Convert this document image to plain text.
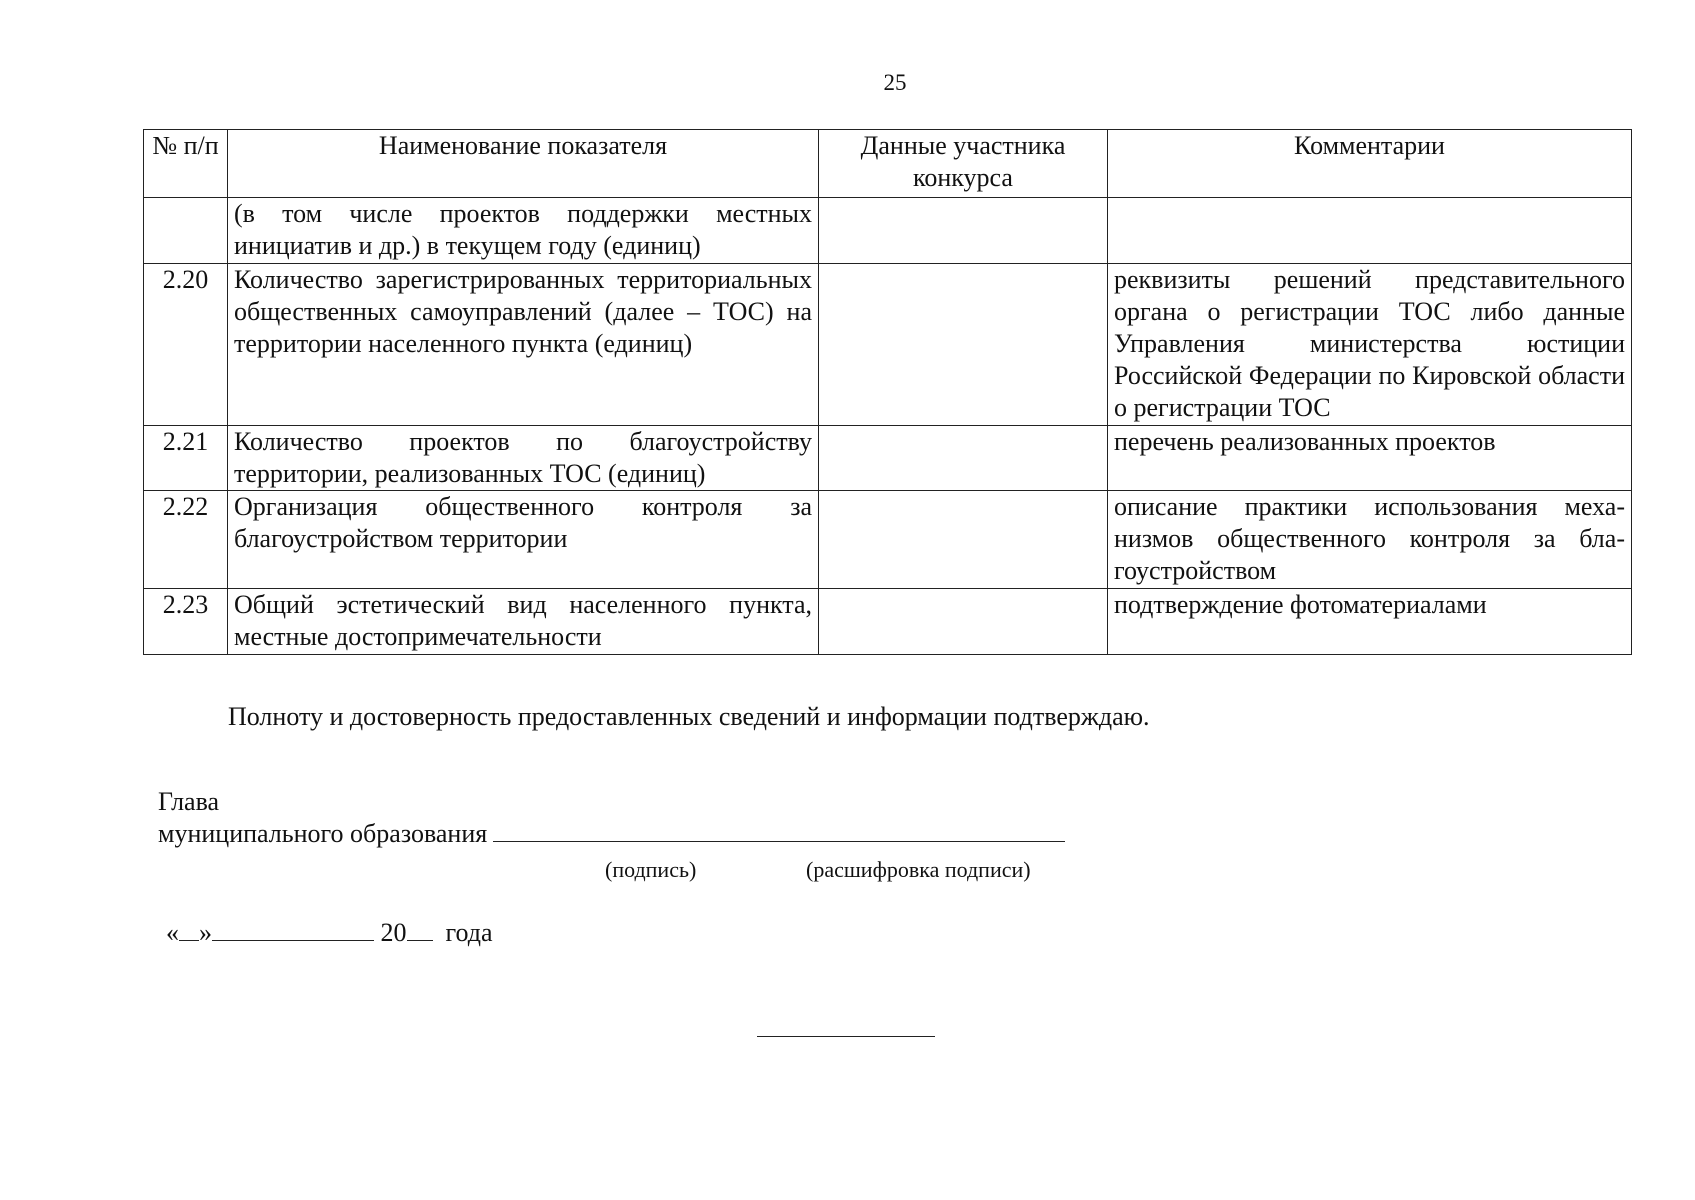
25
№ п/п	Наименование показателя	Данные участника конкурса	Комментарии
	(в том числе проектов поддержки местных инициатив и др.) в текущем году (единиц)		
2.20	Количество зарегистрированных территориальных общественных самоуправлений (далее – ТОС) на территории населенного пункта (единиц)		реквизиты решений представительного органа о регистрации ТОС либо данные Управления министерства юстиции Российской Федерации по Кировской области о регистрации ТОС
2.21	Количество проектов по благоустройству территории, реализованных ТОС (единиц)		перечень реализованных проектов
2.22	Организация общественного контроля за благоустройством территории		описание практики использования механизмов общественного контроля за благоустройством
2.23	Общий эстетический вид населенного пункта, местные достопримечательности		подтверждение фотоматериалами
Полноту и достоверность предоставленных сведений и информации подтверждаю.
Глава
муниципального образования
(подпись)	(расшифровка подписи)
« »	20 года
